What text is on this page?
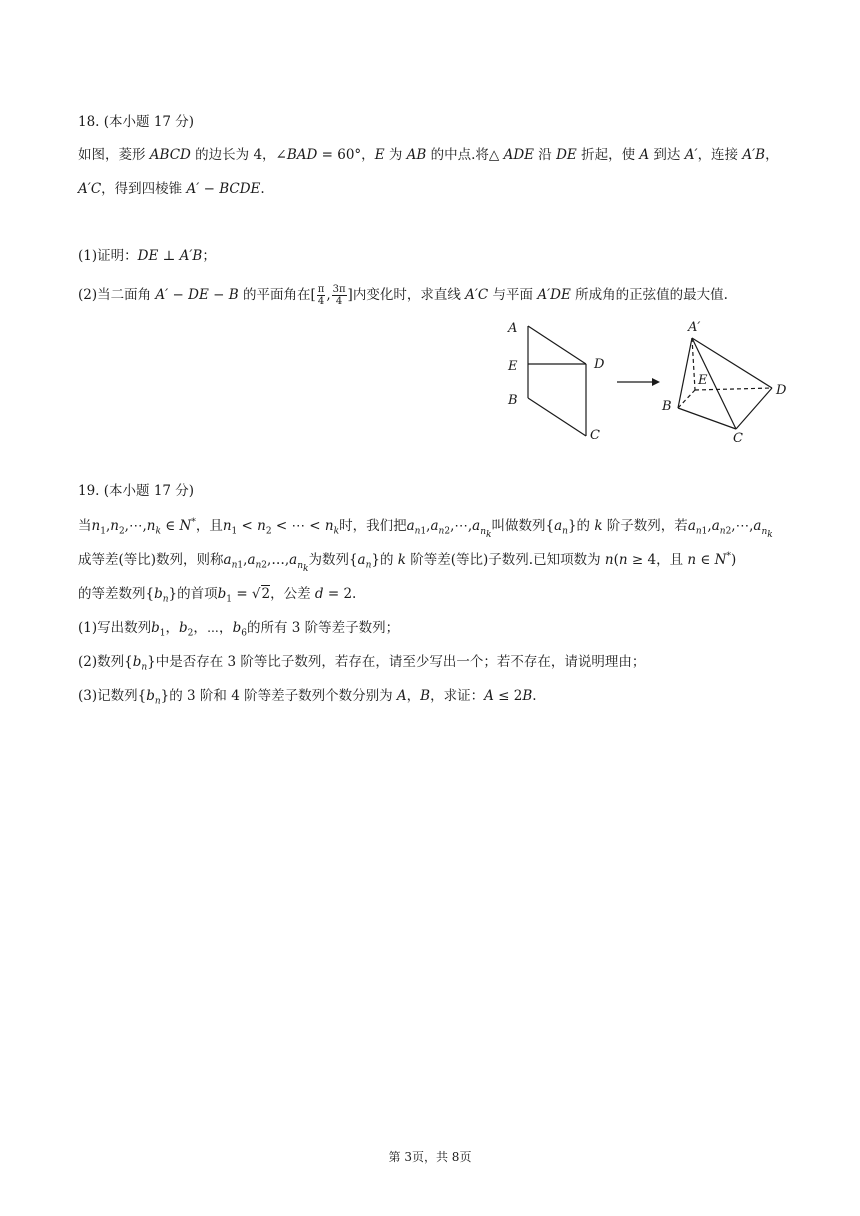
18. (本小题 17 分)
如图，菱形 ABCD 的边长为 4，∠BAD = 60°，E 为 AB 的中点.将△ ADE 沿 DE 折起，使 A 到达 A′，连接 A′B，
A′C，得到四棱锥 A′ − BCDE.
(1)证明：DE ⊥ A′B；
(2)当二面角 A′ − DE − B 的平面角在[ $\frac{\pi}{4}$ , $\frac{3\pi}{4}$ ]内变化时，求直线 A′C 与平面 A′DE 所成角的正弦值的最大值.
A
E	D
B
C
A′
E
D
B
C
19. (本小题 17 分)
当$n_1,n_2,\cdots,n_k$ ∈ N*，且$n_1 < n_2$ < ⋯ < $n_k$时，我们把$a_{n1},a_{n2},\cdots,a_{n_k}$叫做数列$\{a_n\}$的 k 阶子数列，若$a_{n1},a_{n2},\cdots,a_{n_k}$
成等差(等比)数列，则称$a_{n1},a_{n2},\dots,a_{n_k}$为数列$\{a_n\}$的 k 阶等差(等比)子数列.已知项数为 n(n ≥ 4，且 n ∈ N*)
的等差数列$\{b_n\}$的首项$b_1 = √2$，公差 d = 2.
(1)写出数列$b_1$，$b_2$，⋯，$b_6$的所有 3 阶等差子数列；
(2)数列$\{b_n\}$中是否存在 3 阶等比子数列，若存在，请至少写出一个；若不存在，请说明理由；
(3)记数列$\{b_n\}$的 3 阶和 4 阶等差子数列个数分别为 A，B，求证：A ≤ 2B.
第 3页，共 8页
